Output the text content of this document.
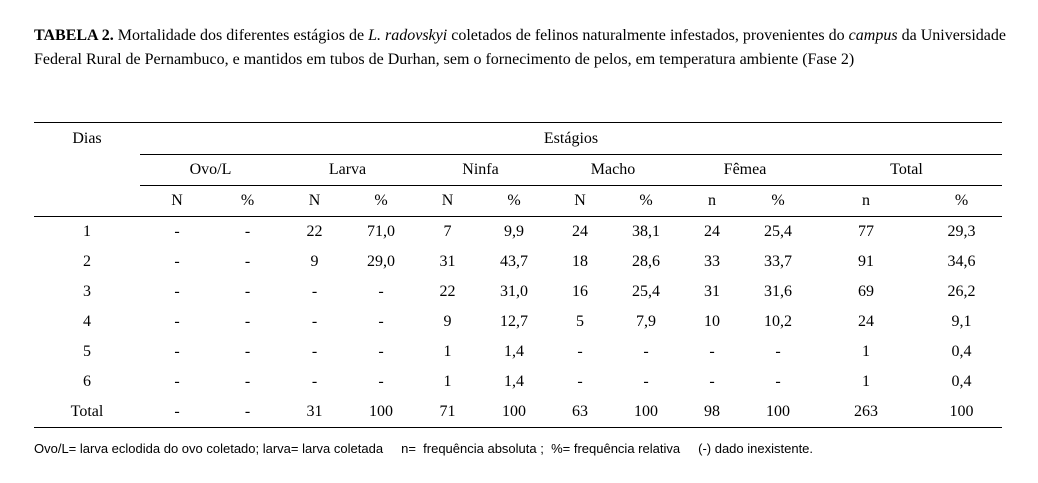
TABELA 2. Mortalidade dos diferentes estágios de L. radovskyi coletados de felinos naturalmente infestados, provenientes do campus da Universidade Federal Rural de Pernambuco, e mantidos em tubos de Durhan, sem o fornecimento de pelos, em temperatura ambiente (Fase 2)
Dias	Estágios											
	Ovo/L		Larva		Ninfa		Macho		Fêmea		Total	
	N	%	N	%	N	%	N	%	n	%	n	%
1	-	-	22	71,0	7	9,9	24	38,1	24	25,4	77	29,3
2	-	-	9	29,0	31	43,7	18	28,6	33	33,7	91	34,6
3	-	-	-	-	22	31,0	16	25,4	31	31,6	69	26,2
4	-	-	-	-	9	12,7	5	7,9	10	10,2	24	9,1
5	-	-	-	-	1	1,4	-	-	-	-	1	0,4
6	-	-	-	-	1	1,4	-	-	-	-	1	0,4
Total	-	-	31	100	71	100	63	100	98	100	263	100
Ovo/L= larva eclodida do ovo coletado; larva= larva coletada     n=  frequência absoluta ;  %= frequência relativa     (-) dado inexistente.
